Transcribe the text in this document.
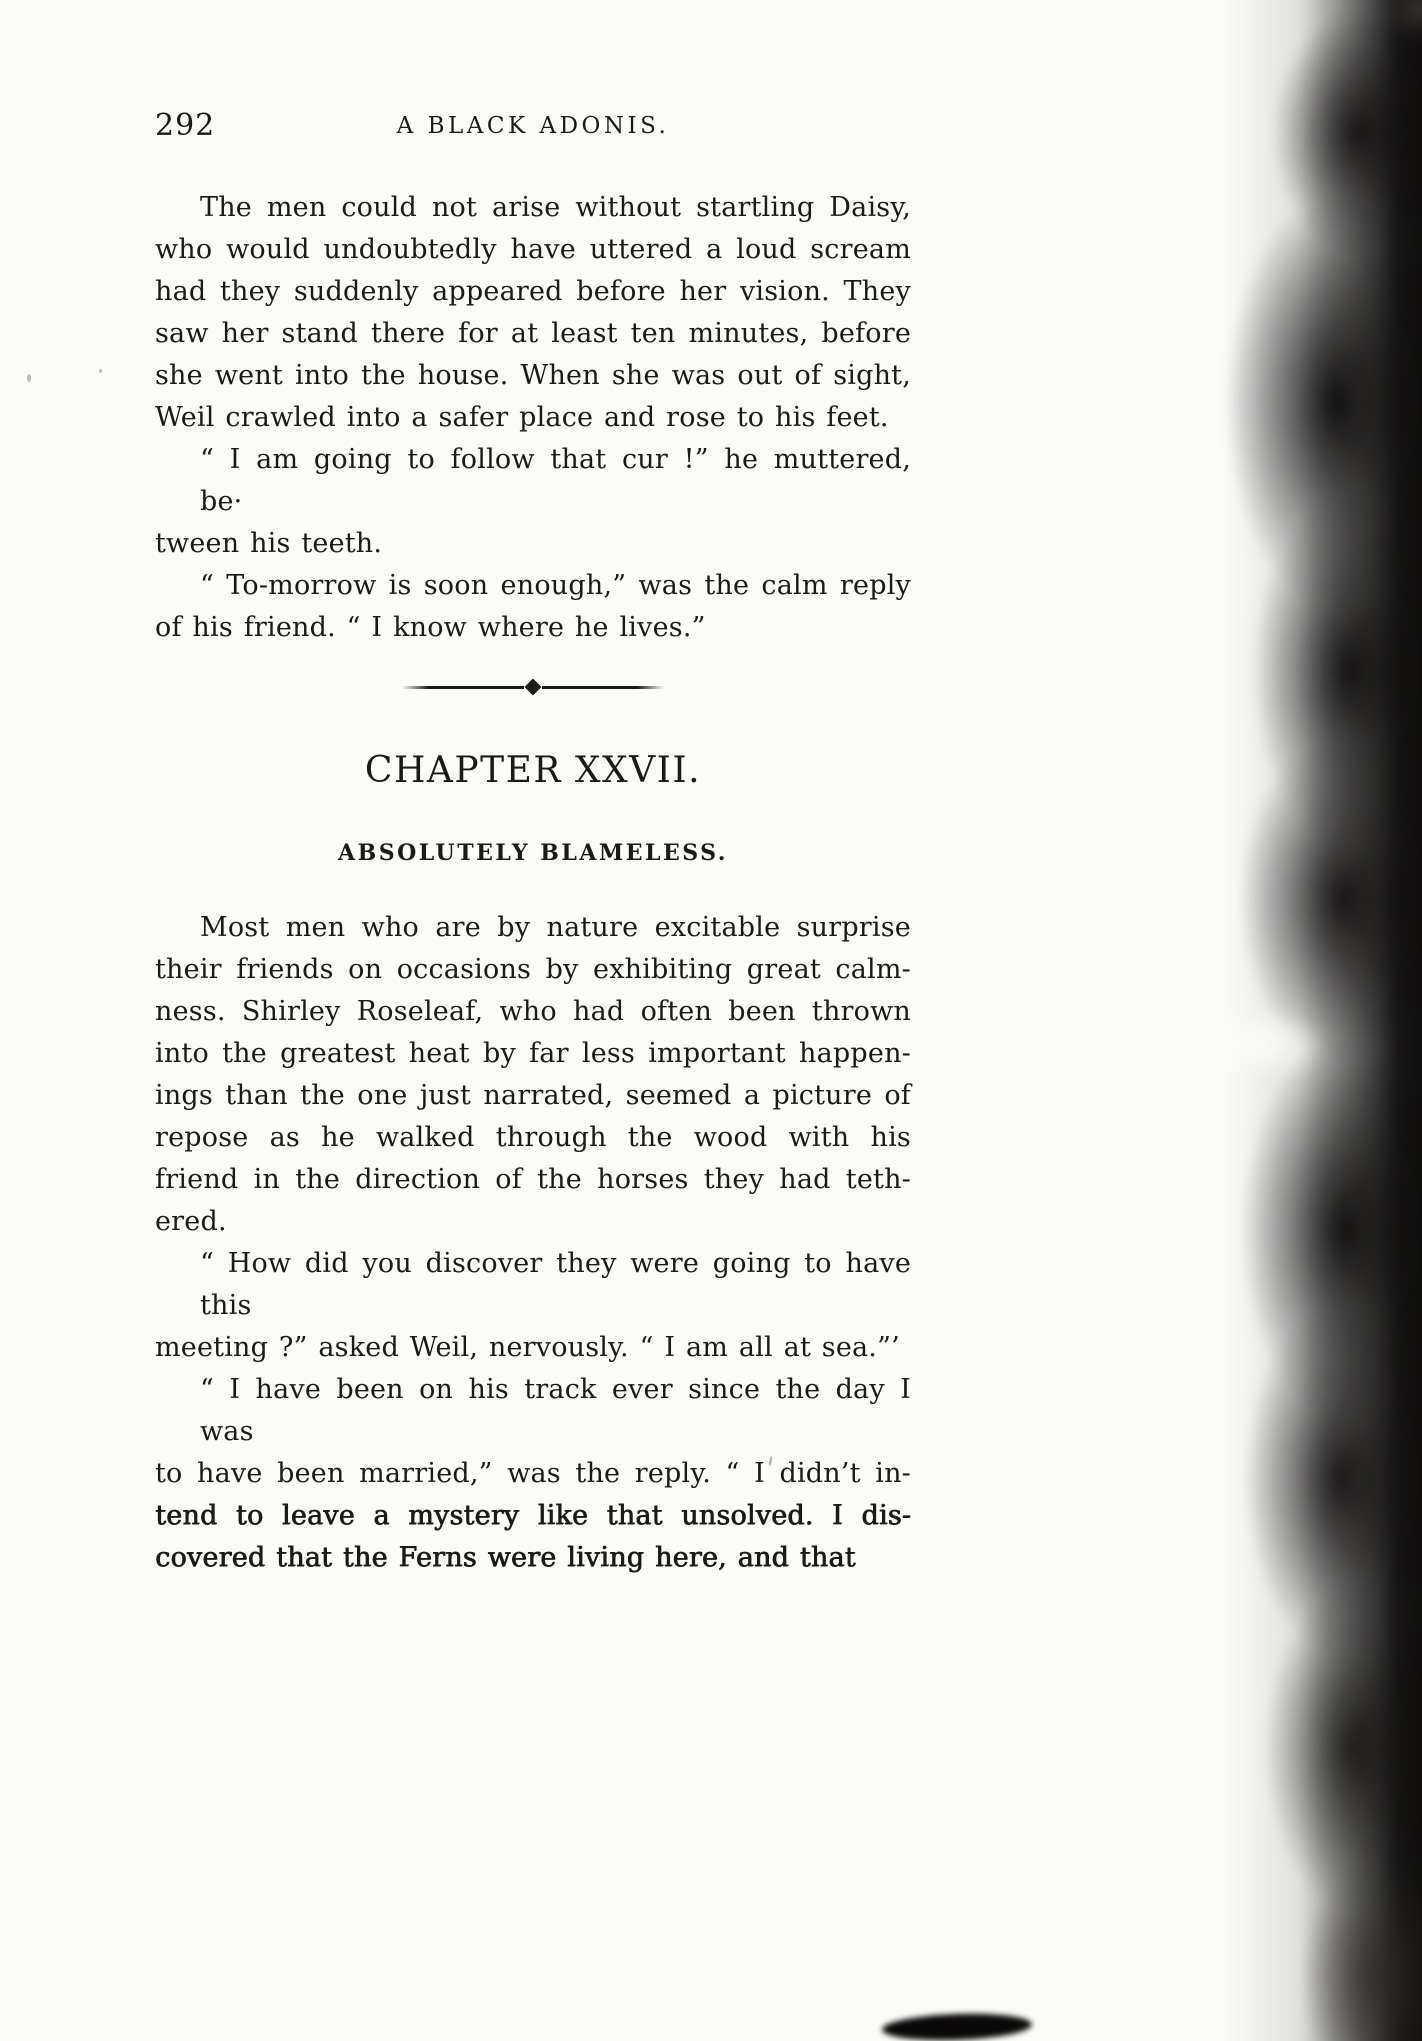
292	A BLACK ADONIS.
The men could not arise without startling Daisy,
who would undoubtedly have uttered a loud scream
had they suddenly appeared before her vision. They
saw her stand there for at least ten minutes, before
she went into the house. When she was out of sight,
Weil crawled into a safer place and rose to his feet.
“ I am going to follow that cur !” he muttered, be·
tween his teeth.
“ To-morrow is soon enough,” was the calm reply
of his friend. “ I know where he lives.”
CHAPTER XXVII.
ABSOLUTELY BLAMELESS.
Most men who are by nature excitable surprise
their friends on occasions by exhibiting great calm-
ness. Shirley Roseleaf, who had often been thrown
into the greatest heat by far less important happen-
ings than the one just narrated, seemed a picture of
repose as he walked through the wood with his
friend in the direction of the horses they had teth-
ered.
“ How did you discover they were going to have this
meeting ?” asked Weil, nervously. “ I am all at sea.”’
“ I have been on his track ever since the day I was
to have been married,” was the reply. “ I didn’t in-
tend to leave a mystery like that unsolved. I dis-
covered that the Ferns were living here, and that
